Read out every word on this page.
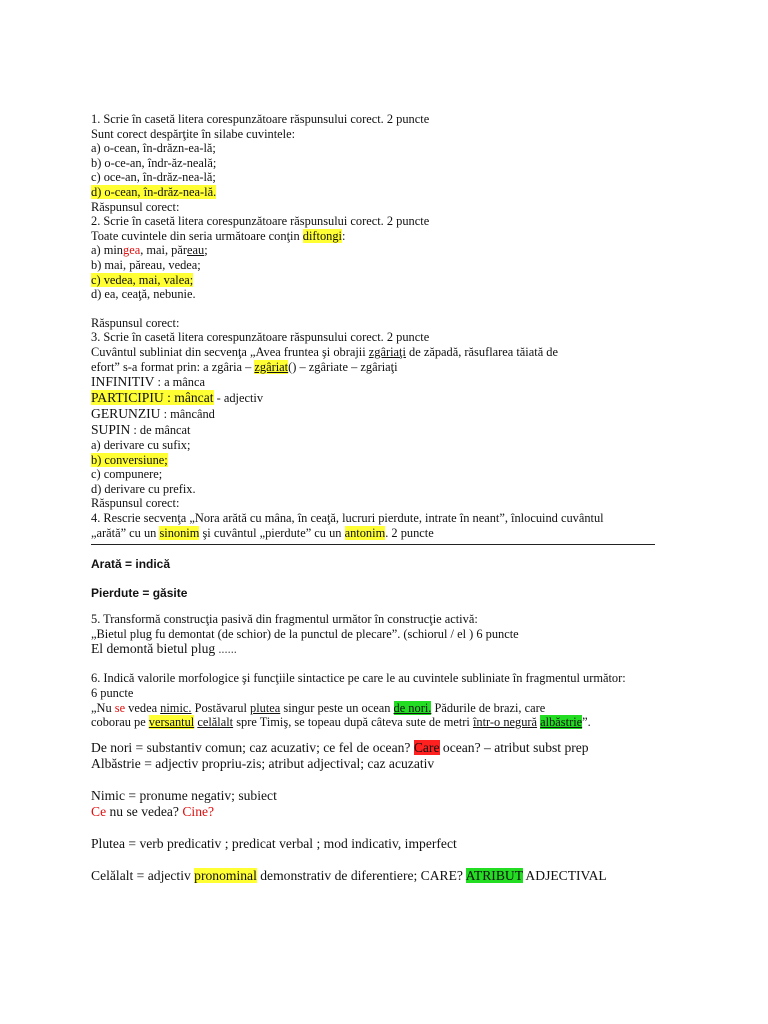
1. Scrie în casetă litera corespunzătoare răspunsului corect. 2 puncte
Sunt corect despărţite în silabe cuvintele:
a) o-cean, în-drăzn-ea-lă;
b) o-ce-an, îndr-ăz-neală;
c) oce-an, în-drăz-nea-lă;
d) o-cean, în-drăz-nea-lă.
Răspunsul corect:
2. Scrie în casetă litera corespunzătoare răspunsului corect. 2 puncte
Toate cuvintele din seria următoare conţin diftongi:
a) mingea, mai, păreau;
b) mai, păreau, vedea;
c) vedea, mai, valea;
d) ea, ceaţă, nebunie.
Răspunsul corect:
3. Scrie în casetă litera corespunzătoare răspunsului corect. 2 puncte
Cuvântul subliniat din secvenţa „Avea fruntea şi obrajii zgâriaţi de zăpadă, răsuflarea tăiată de
efort” s-a format prin: a zgâria – zgâriat() – zgâriate – zgâriaţi
INFINITIV : a mânca
PARTICIPIU : mâncat - adjectiv
GERUNZIU : mâncând
SUPIN : de mâncat
a) derivare cu sufix;
b) conversiune;
c) compunere;
d) derivare cu prefix.
Răspunsul corect:
4. Rescrie secvenţa „Nora arătă cu mâna, în ceaţă, lucruri pierdute, intrate în neant”, înlocuind cuvântul
„arătă” cu un sinonim şi cuvântul „pierdute” cu un antonim. 2 puncte
Arată = indică
Pierdute = găsite
5. Transformă construcţia pasivă din fragmentul următor în construcţie activă:
„Bietul plug fu demontat (de schior) de la punctul de plecare”. (schiorul / el ) 6 puncte
El demontă bietul plug ......
6. Indică valorile morfologice şi funcţiile sintactice pe care le au cuvintele subliniate în fragmentul următor:
6 puncte
„Nu se vedea nimic. Postăvarul plutea singur peste un ocean de nori. Pădurile de brazi, care
coborau pe versantul celălalt spre Timiş, se topeau după câteva sute de metri într-o negură albăstrie”.
De nori = substantiv comun; caz acuzativ; ce fel de ocean? Care ocean? – atribut subst prep
Albăstrie = adjectiv propriu-zis; atribut adjectival; caz acuzativ
Nimic = pronume negativ; subiect
Ce nu se vedea? Cine?
Plutea = verb predicativ ; predicat verbal ; mod indicativ, imperfect
Celălalt = adjectiv pronominal demonstrativ de diferentiere; CARE? ATRIBUT ADJECTIVAL
